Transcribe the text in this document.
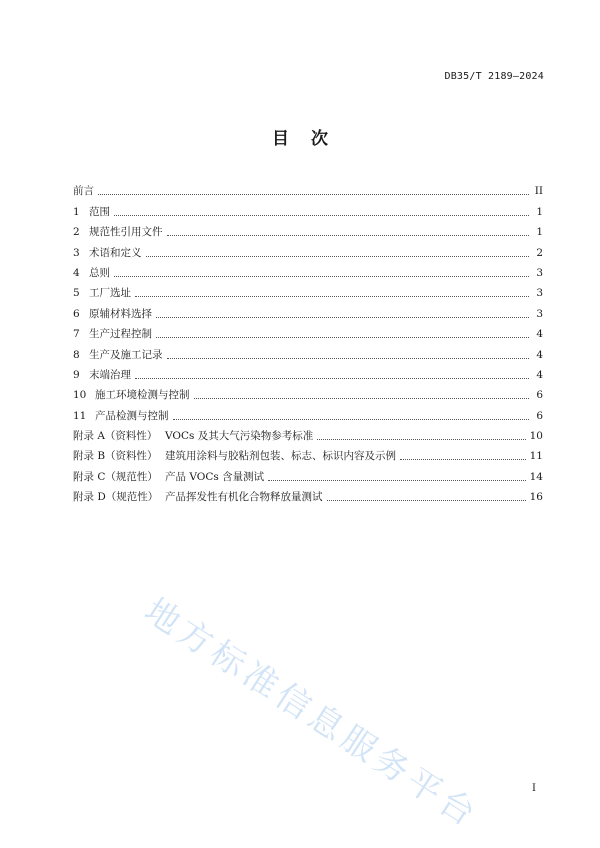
DB35/T 2189—2024
目 次
前言	II
1 范围	1
2 规范性引用文件	1
3 术语和定义	2
4 总则	3
5 工厂选址	3
6 原辅材料选择	3
7 生产过程控制	4
8 生产及施工记录	4
9 末端治理	4
10 施工环境检测与控制	6
11 产品检测与控制	6
附录 A（资料性） VOCs 及其大气污染物参考标准	10
附录 B（资料性） 建筑用涂料与胶粘剂包装、标志、标识内容及示例	11
附录 C（规范性） 产品 VOCs 含量测试	14
附录 D（规范性） 产品挥发性有机化合物释放量测试	16
地方标准信息服务平台	I
